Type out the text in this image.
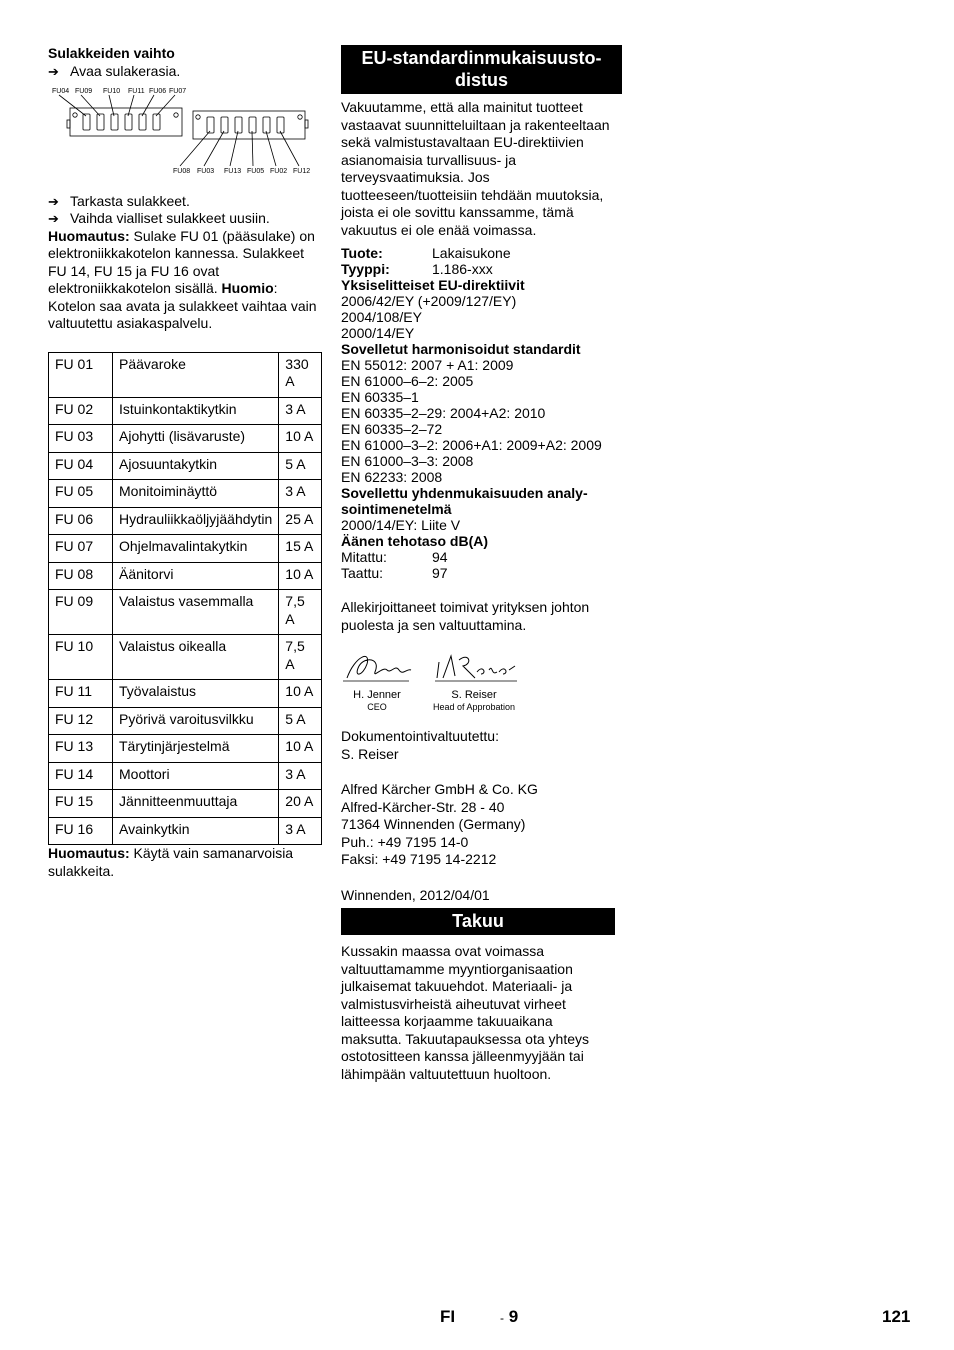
Sulakkeiden vaihto

➔ Avaa sulakerasia.
FU04 FU09 FU10 FU11 FU06 FU07
FU08 FU03 FU13 FU05 FU02 FU12
➔ Tarkasta sulakkeet.
➔ Vaihda vialliset sulakkeet uusiin.

Huomautus: Sulake FU 01 (pääsulake) on elektroniikkakotelon kannessa. Sulakkeet FU 14, FU 15 ja FU 16 ovat elektroniikkakotelon sisällä. Huomio: Kotelon saa avata ja sulakkeet vaihtaa vain valtuutettu asiakaspalvelu.

FU 01	Päävaroke	330 A
FU 02	Istuinkontaktikytkin	3 A
FU 03	Ajohytti (lisävaruste)	10 A
FU 04	Ajosuuntakytkin	5 A
FU 05	Monitoiminäyttö	3 A
FU 06	Hydrauliikkaöljyjäähdytin	25 A
FU 07	Ohjelmavalintakytkin	15 A
FU 08	Äänitorvi	10 A
FU 09	Valaistus vasemmalla	7,5 A
FU 10	Valaistus oikealla	7,5 A
FU 11	Työvalaistus	10 A
FU 12	Pyörivä varoitusvilkku	5 A
FU 13	Tärytinjärjestelmä	10 A
FU 14	Moottori	3 A
FU 15	Jännitteenmuuttaja	20 A
FU 16	Avainkytkin	3 A

Huomautus: Käytä vain samanarvoisia sulakkeita.

EU-standardinmukaisuusto-
distus

Vakuutamme, että alla mainitut tuotteet vastaavat suunnitteluiltaan ja rakenteeltaan sekä valmistustavaltaan EU-direktiivien asianomaisia turvallisuus- ja terveysvaatimuksia. Jos tuotteeseen/tuotteisiin tehdään muutoksia, joista ei ole sovittu kanssamme, tämä vakuutus ei ole enää voimassa.

Tuote:	Lakaisukone
Tyyppi:	1.186-xxx
Yksiselitteiset EU-direktiivit
2006/42/EY (+2009/127/EY)
2004/108/EY
2000/14/EY
Sovelletut harmonisoidut standardit
EN 55012: 2007 + A1: 2009
EN 61000–6–2: 2005
EN 60335–1
EN 60335–2–29: 2004+A2: 2010
EN 60335–2–72
EN 61000–3–2: 2006+A1: 2009+A2: 2009
EN 61000–3–3: 2008
EN 62233: 2008
Sovellettu yhdenmukaisuuden analy-
sointimenetelmä
2000/14/EY: Liite V
Äänen tehotaso dB(A)
Mitattu:	94
Taattu:	97

Allekirjoittaneet toimivat yrityksen johton puolesta ja sen valtuuttamina.

H. Jenner
CEO
S. Reiser
Head of Approbation
Dokumentointivaltuutettu:
S. Reiser
Alfred Kärcher GmbH & Co. KG
Alfred-Kärcher-Str. 28 - 40
71364 Winnenden (Germany)
Puh.: +49 7195 14-0
Faksi: +49 7195 14-2212
Winnenden, 2012/04/01
Takuu

Kussakin maassa ovat voimassa valtuuttamamme myyntiorganisaation julkaisemat takuuehdot. Materiaali- ja valmistusvirheistä aiheutuvat virheet laitteessa korjaamme takuuaikana maksutta. Takuutapauksessa ota yhteys ostotositteen kanssa jälleenmyyjään tai lähimpään valtuutettuun huoltoon.

FI	- 9	121
